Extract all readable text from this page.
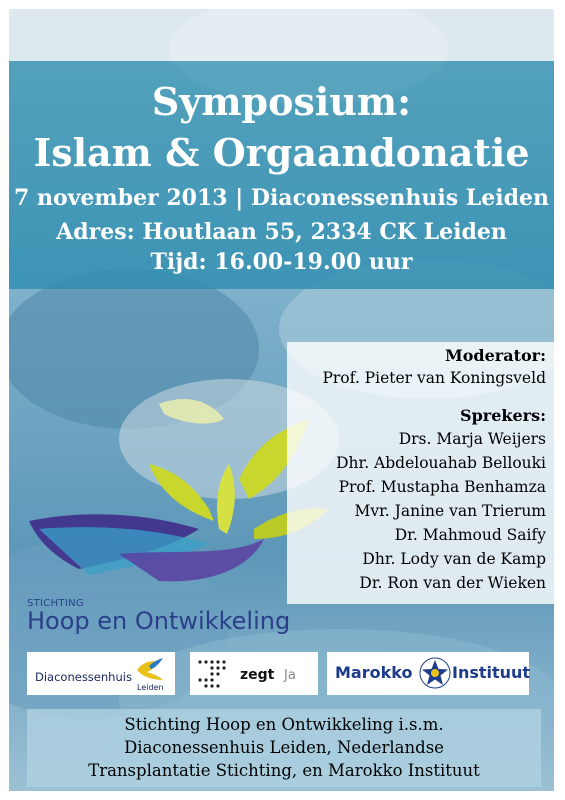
Symposium:
Islam & Orgaandonatie
7 november 2013 | Diaconessenhuis Leiden
Adres: Houtlaan 55, 2334 CK Leiden
Tijd: 16.00-19.00 uur
Moderator:
Prof. Pieter van Koningsveld
Sprekers:
Drs. Marja Weijers
Dhr. Abdelouahab Bellouki
Prof. Mustapha Benhamza
Mvr. Janine van Trierum
Dr. Mahmoud Saify
Dhr. Lody van de Kamp
Dr. Ron van der Wieken
STICHTING
Hoop en Ontwikkeling
Diaconessenhuis
Leiden
zegt Ja Marokko Instituut
Stichting Hoop en Ontwikkeling i.s.m.
Diaconessenhuis Leiden, Nederlandse
Transplantatie Stichting, en Marokko Instituut
